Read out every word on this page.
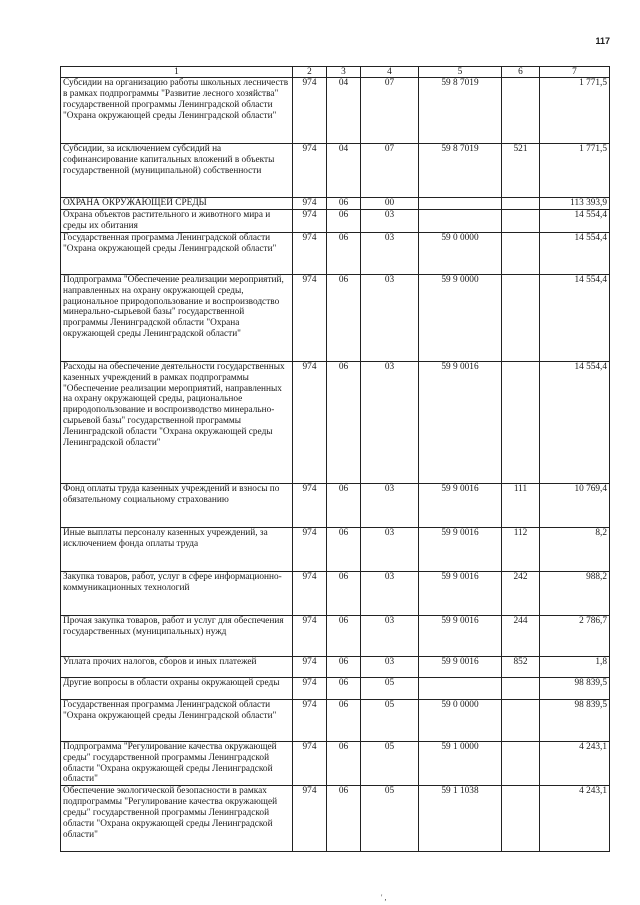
117
1	2	3	4	5	6	7
Субсидии на организацию работы школьных лесничеств в рамках подпрограммы "Развитие лесного хозяйства" государственной программы Ленинградской области "Охрана окружающей среды Ленинградской области"	974	04	07	59 8 7019		1 771,5
Субсидии, за исключением субсидий на софинансирование капитальных вложений в объекты государственной (муниципальной) собственности	974	04	07	59 8 7019	521	1 771,5
ОХРАНА ОКРУЖАЮЩЕЙ СРЕДЫ	974	06	00			113 393,9
Охрана объектов растительного и животного мира и среды их обитания	974	06	03			14 554,4
Государственная программа Ленинградской области "Охрана окружающей среды Ленинградской области"	974	06	03	59 0 0000		14 554,4
Подпрограмма "Обеспечение реализации мероприятий, направленных на охрану окружающей среды, рациональное природопользование и воспроизводство минерально-сырьевой базы" государственной программы Ленинградской области "Охрана окружающей среды Ленинградской области"	974	06	03	59 9 0000		14 554,4
Расходы на обеспечение деятельности государственных казенных учреждений в рамках подпрограммы "Обеспечение реализации мероприятий, направленных на охрану окружающей среды, рациональное природопользование и воспроизводство минерально-сырьевой базы" государственной программы Ленинградской области "Охрана окружающей среды Ленинградской области"	974	06	03	59 9 0016		14 554,4
Фонд оплаты труда казенных учреждений и взносы по обязательному социальному страхованию	974	06	03	59 9 0016	111	10 769,4
Иные выплаты персоналу казенных учреждений, за исключением фонда оплаты труда	974	06	03	59 9 0016	112	8,2
Закупка товаров, работ, услуг в сфере информационно-коммуникационных технологий	974	06	03	59 9 0016	242	988,2
Прочая закупка товаров, работ и услуг для обеспечения государственных (муниципальных) нужд	974	06	03	59 9 0016	244	2 786,7
Уплата прочих налогов, сборов и иных платежей	974	06	03	59 9 0016	852	1,8
Другие вопросы в области охраны окружающей среды	974	06	05			98 839,5
Государственная программа Ленинградской области "Охрана окружающей среды Ленинградской области"	974	06	05	59 0 0000		98 839,5
Подпрограмма "Регулирование качества окружающей среды" государственной программы Ленинградской области "Охрана окружающей среды Ленинградской области"	974	06	05	59 1 0000		4 243,1
Обеспечение экологической безопасности в рамках подпрограммы "Регулирование качества окружающей среды" государственной программы Ленинградской области "Охрана окружающей среды Ленинградской области"	974	06	05	59 1 1038		4 243,1
' ,
